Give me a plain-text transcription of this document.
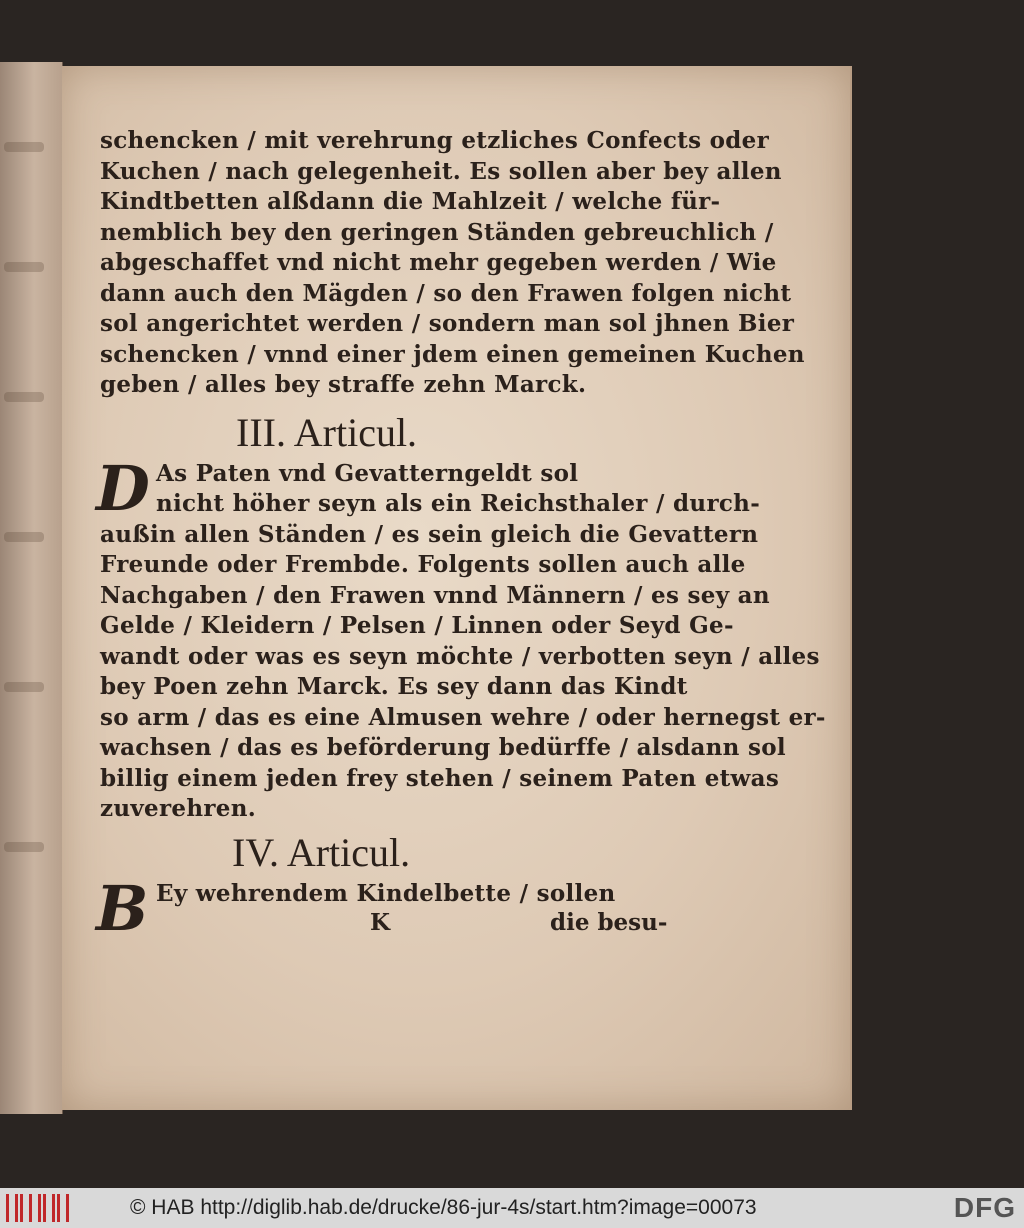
schencken / mit verehrung etzliches Confects oder
Kuchen / nach gelegenheit. Es sollen aber bey allen
Kindtbetten alßdann die Mahlzeit / welche für-
nemblich bey den geringen Ständen gebreuchlich /
abgeschaffet vnd nicht mehr gegeben werden / Wie
dann auch den Mägden / so den Frawen folgen nicht
sol angerichtet werden / sondern man sol jhnen Bier
schencken / vnnd einer jdem einen gemeinen Kuchen
geben / alles bey straffe zehn Marck.
III. Articul.
D As Paten vnd Gevatterngeldt sol
nicht höher seyn als ein Reichsthaler / durch-
außin allen Ständen / es sein gleich die Gevattern
Freunde oder Frembde. Folgents sollen auch alle
Nachgaben / den Frawen vnnd Männern / es sey an
Gelde / Kleidern / Pelsen / Linnen oder Seyd Ge-
wandt oder was es seyn möchte / verbotten seyn / alles
bey Poen zehn Marck. Es sey dann das Kindt
so arm / das es eine Almusen wehre / oder hernegst er-
wachsen / das es beförderung bedürffe / alsdann sol
billig einem jeden frey stehen / seinem Paten etwas
zuverehren.
IV. Articul.
B Ey wehrendem Kindelbette / sollen
K	die besu-
© HAB http://diglib.hab.de/drucke/86-jur-4s/start.htm?image=00073	DFG
